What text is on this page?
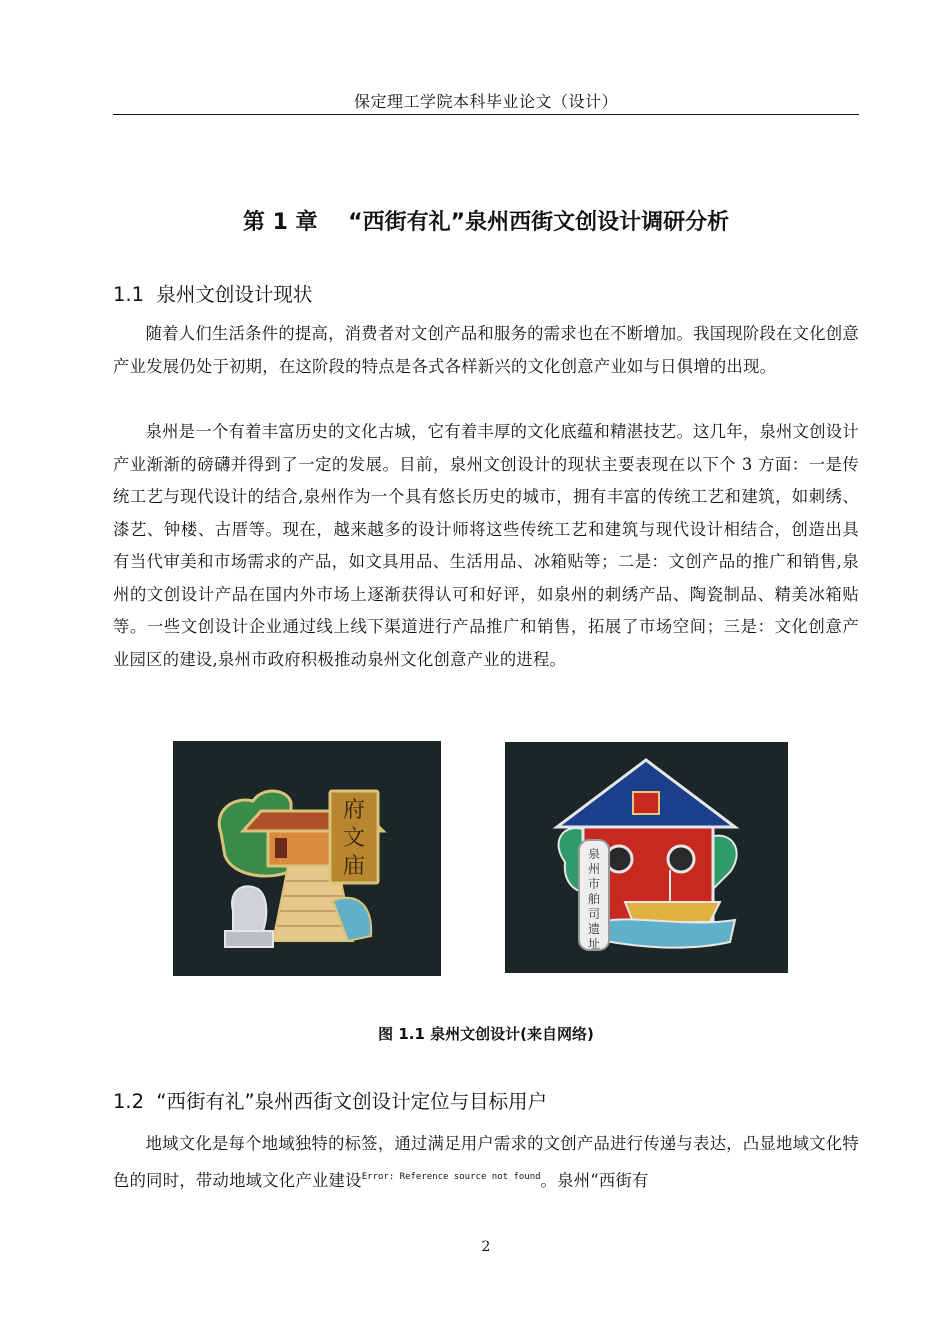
保定理工学院本科毕业论文（设计）
第 1 章    “西街有礼”泉州西街文创设计调研分析
1.1  泉州文创设计现状

随着人们生活条件的提高，消费者对文创产品和服务的需求也在不断增加。我国现阶段在文化创意产业发展仍处于初期，在这阶段的特点是各式各样新兴的文化创意产业如与日俱增的出现。

泉州是一个有着丰富历史的文化古城，它有着丰厚的文化底蕴和精湛技艺。这几年，泉州文创设计产业渐渐的磅礴并得到了一定的发展。目前，泉州文创设计的现状主要表现在以下个 3 方面：一是传统工艺与现代设计的结合,泉州作为一个具有悠长历史的城市，拥有丰富的传统工艺和建筑，如刺绣、漆艺、钟楼、古厝等。现在，越来越多的设计师将这些传统工艺和建筑与现代设计相结合，创造出具有当代审美和市场需求的产品，如文具用品、生活用品、冰箱贴等；二是：文创产品的推广和销售,泉州的文创设计产品在国内外市场上逐渐获得认可和好评，如泉州的刺绣产品、陶瓷制品、精美冰箱贴等。一些文创设计企业通过线上线下渠道进行产品推广和销售，拓展了市场空间；三是：文化创意产业园区的建设,泉州市政府积极推动泉州文化创意产业的进程。

府
文
庙	泉
州
市
舶
司
遗
址
图 1.1 泉州文创设计(来自网络)
1.2  “西街有礼”泉州西街文创设计定位与目标用户

地域文化是每个地域独特的标签，通过满足用户需求的文创产品进行传递与表达，凸显地域文化特色的同时，带动地域文化产业建设$^{Error: Reference source not found}$。泉州“西街有

2
